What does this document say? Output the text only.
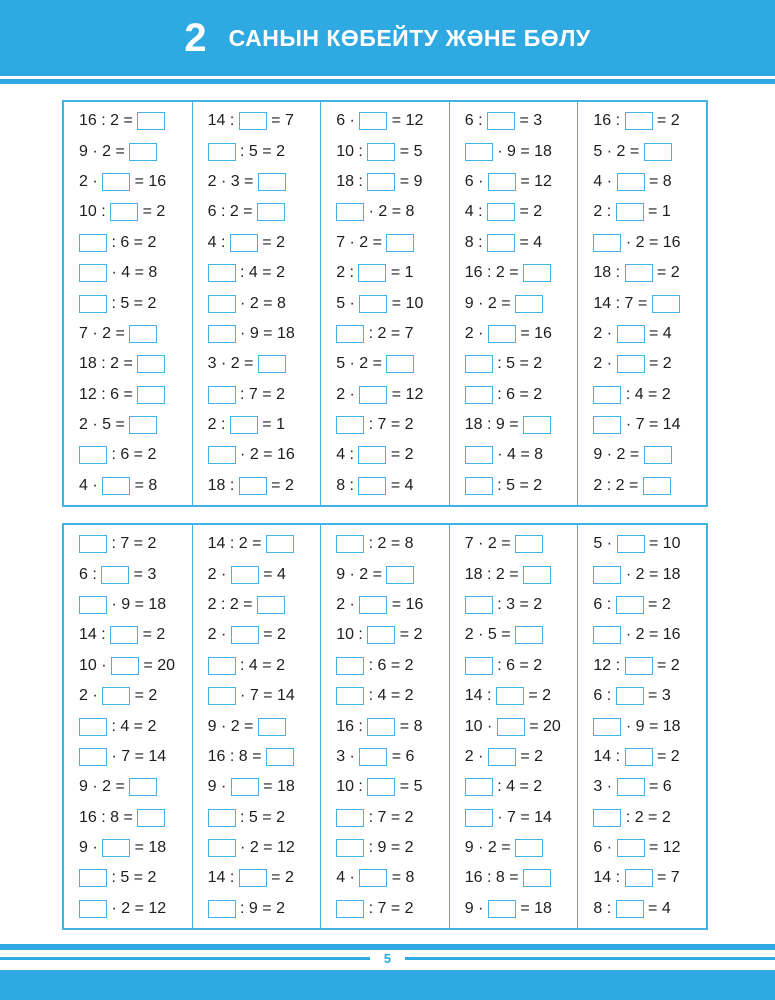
2 САНЫН КӨБЕЙТУ ЖӘНЕ БӨЛУ
16 : 2 =
9 · 2 =
2 · = 16
10 : = 2
: 6 = 2
· 4 = 8
: 5 = 2
7 · 2 =
18 : 2 =
12 : 6 =
2 · 5 =
: 6 = 2
4 · = 8
14 : = 7
: 5 = 2
2 · 3 =
6 : 2 =
4 : = 2
: 4 = 2
· 2 = 8
· 9 = 18
3 · 2 =
: 7 = 2
2 : = 1
· 2 = 16
18 : = 2
6 · = 12
10 : = 5
18 : = 9
· 2 = 8
7 · 2 =
2 : = 1
5 · = 10
: 2 = 7
5 · 2 =
2 · = 12
: 7 = 2
4 : = 2
8 : = 4
6 : = 3
· 9 = 18
6 · = 12
4 : = 2
8 : = 4
16 : 2 =
9 · 2 =
2 · = 16
: 5 = 2
: 6 = 2
18 : 9 =
· 4 = 8
: 5 = 2
16 : = 2
5 · 2 =
4 · = 8
2 : = 1
· 2 = 16
18 : = 2
14 : 7 =
2 · = 4
2 · = 2
: 4 = 2
· 7 = 14
9 · 2 =
2 : 2 =
: 7 = 2
6 : = 3
· 9 = 18
14 : = 2
10 · = 20
2 · = 2
: 4 = 2
· 7 = 14
9 · 2 =
16 : 8 =
9 · = 18
: 5 = 2
· 2 = 12
14 : 2 =
2 · = 4
2 : 2 =
2 · = 2
: 4 = 2
· 7 = 14
9 · 2 =
16 : 8 =
9 · = 18
: 5 = 2
· 2 = 12
14 : = 2
: 9 = 2
: 2 = 8
9 · 2 =
2 · = 16
10 : = 2
: 6 = 2
: 4 = 2
16 : = 8
3 · = 6
10 : = 5
: 7 = 2
: 9 = 2
4 · = 8
: 7 = 2
7 · 2 =
18 : 2 =
: 3 = 2
2 · 5 =
: 6 = 2
14 : = 2
10 · = 20
2 · = 2
: 4 = 2
· 7 = 14
9 · 2 =
16 : 8 =
9 · = 18
5 · = 10
· 2 = 18
6 : = 2
· 2 = 16
12 : = 2
6 : = 3
· 9 = 18
14 : = 2
3 · = 6
: 2 = 2
6 · = 12
14 : = 7
8 : = 4
5
